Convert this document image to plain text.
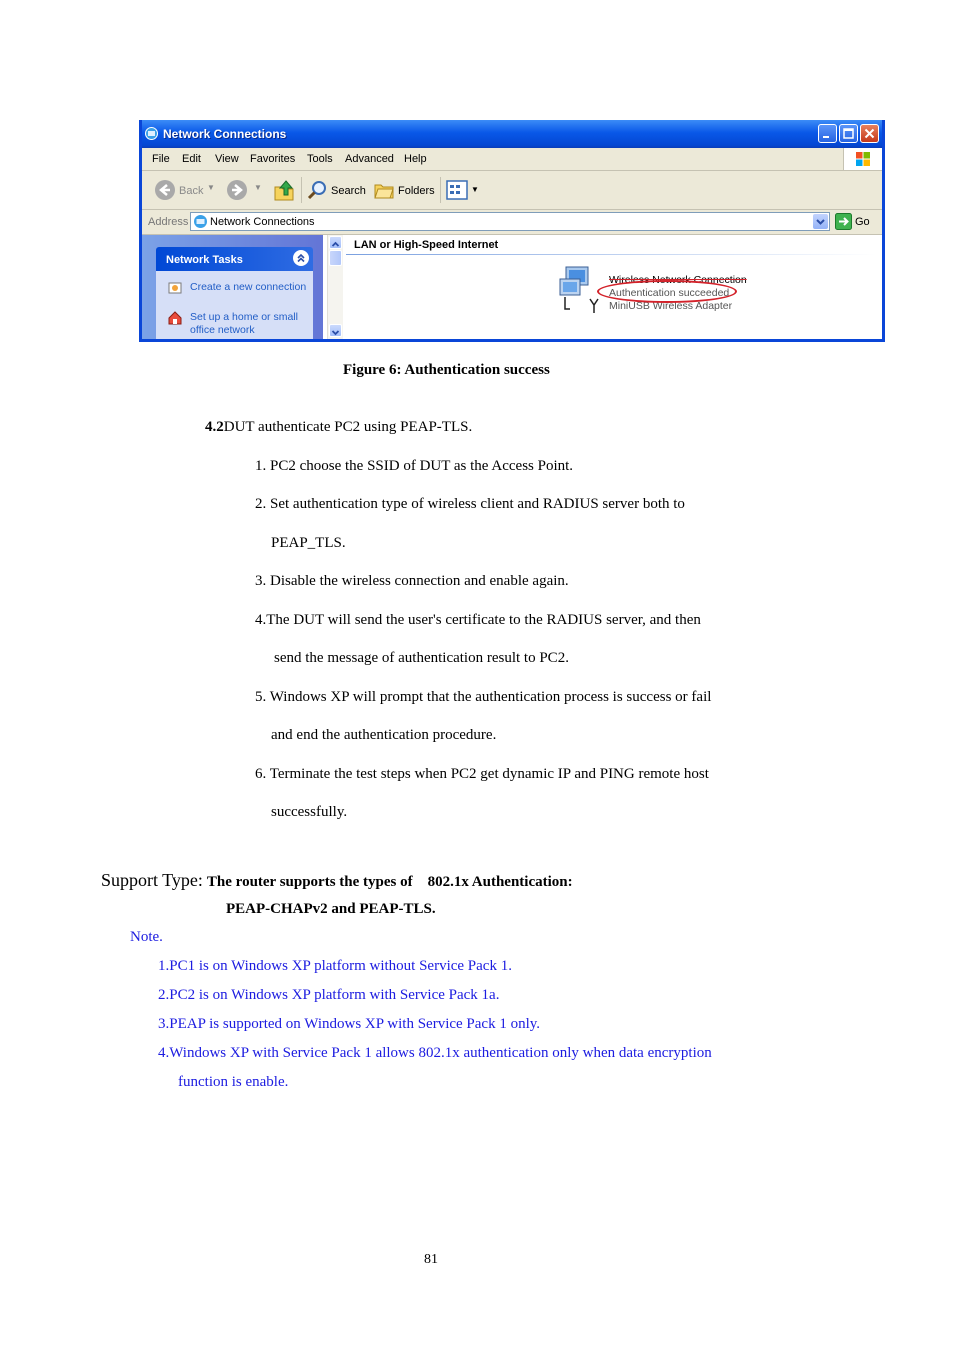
Network Connections
File Edit View Favorites Tools Advanced Help
Back ▼	▼	Search	Folders	▼
Address Network Connections	Go
Network Tasks
Create a new connection
Set up a home or small office network
LAN or High-Speed Internet
Wireless Network Connection
Authentication succeeded
MiniUSB Wireless Adapter
Figure 6: Authentication success
4.2DUT authenticate PC2 using PEAP-TLS.
1. PC2 choose the SSID of DUT as the Access Point.
2. Set authentication type of wireless client and RADIUS server both to
PEAP_TLS.
3. Disable the wireless connection and enable again.
4.The DUT will send the user's certificate to the RADIUS server, and then
send the message of authentication result to PC2.
5. Windows XP will prompt that the authentication process is success or fail
and end the authentication procedure.
6. Terminate the test steps when PC2 get dynamic IP and PING remote host
successfully.
Support Type: The router supports the types of    802.1x Authentication:
PEAP-CHAPv2 and PEAP-TLS.
Note.
1.PC1 is on Windows XP platform without Service Pack 1.
2.PC2 is on Windows XP platform with Service Pack 1a.
3.PEAP is supported on Windows XP with Service Pack 1 only.
4.Windows XP with Service Pack 1 allows 802.1x authentication only when data encryption
function is enable.
81
